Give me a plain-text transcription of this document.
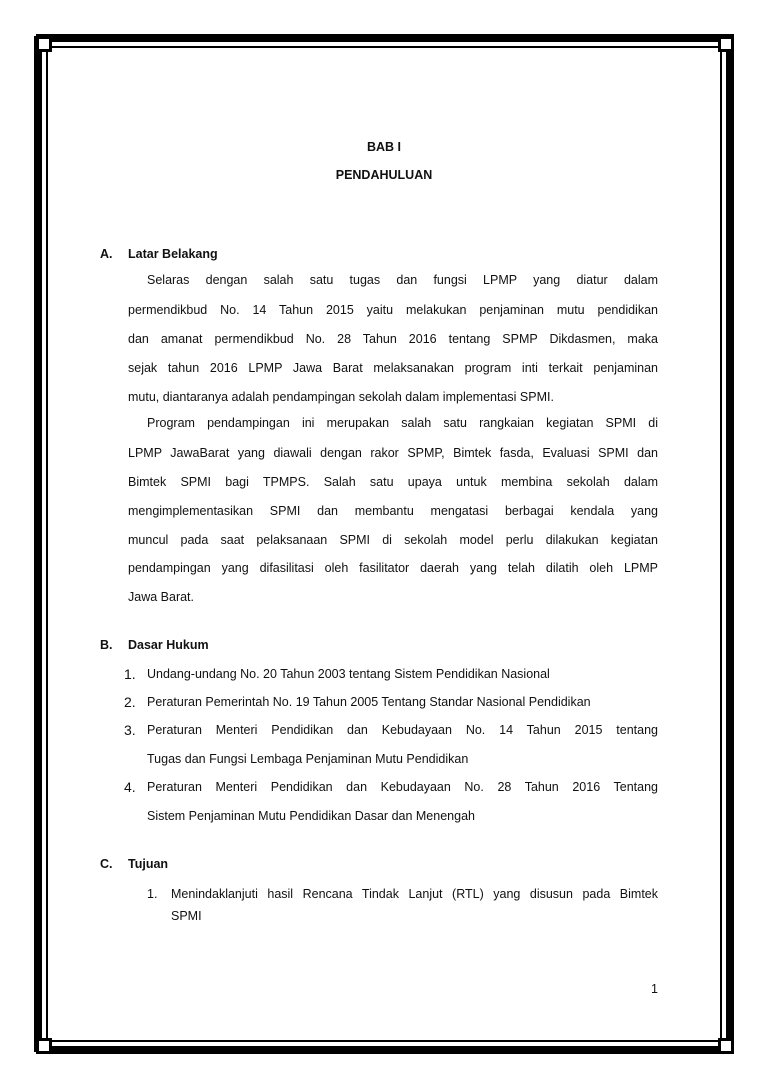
BAB I
PENDAHULUAN
A. Latar Belakang
Selaras dengan salah satu tugas dan fungsi LPMP yang diatur dalam
permendikbud No. 14 Tahun 2015 yaitu melakukan penjaminan mutu pendidikan
dan amanat permendikbud No. 28 Tahun 2016 tentang SPMP Dikdasmen, maka
sejak tahun 2016 LPMP Jawa Barat melaksanakan program inti terkait penjaminan
mutu, diantaranya adalah pendampingan sekolah dalam implementasi SPMI.
Program pendampingan ini merupakan salah satu rangkaian kegiatan SPMI di
LPMP JawaBarat yang diawali dengan rakor SPMP, Bimtek fasda, Evaluasi SPMI dan
Bimtek SPMI bagi TPMPS. Salah satu upaya untuk membina sekolah dalam
mengimplementasikan SPMI dan membantu mengatasi berbagai kendala yang
muncul pada saat pelaksanaan SPMI di sekolah model perlu dilakukan kegiatan
pendampingan yang difasilitasi oleh fasilitator daerah yang telah dilatih oleh LPMP
Jawa Barat.
B. Dasar Hukum
1. Undang-undang No. 20 Tahun 2003 tentang Sistem Pendidikan Nasional
2. Peraturan Pemerintah No. 19 Tahun 2005 Tentang Standar Nasional Pendidikan
3. Peraturan Menteri Pendidikan dan Kebudayaan No. 14 Tahun 2015 tentang
Tugas dan Fungsi Lembaga Penjaminan Mutu Pendidikan
4. Peraturan Menteri Pendidikan dan Kebudayaan No. 28 Tahun 2016 Tentang
Sistem Penjaminan Mutu Pendidikan Dasar dan Menengah
C. Tujuan
1. Menindaklanjuti hasil Rencana Tindak Lanjut (RTL) yang disusun pada Bimtek
SPMI
1
